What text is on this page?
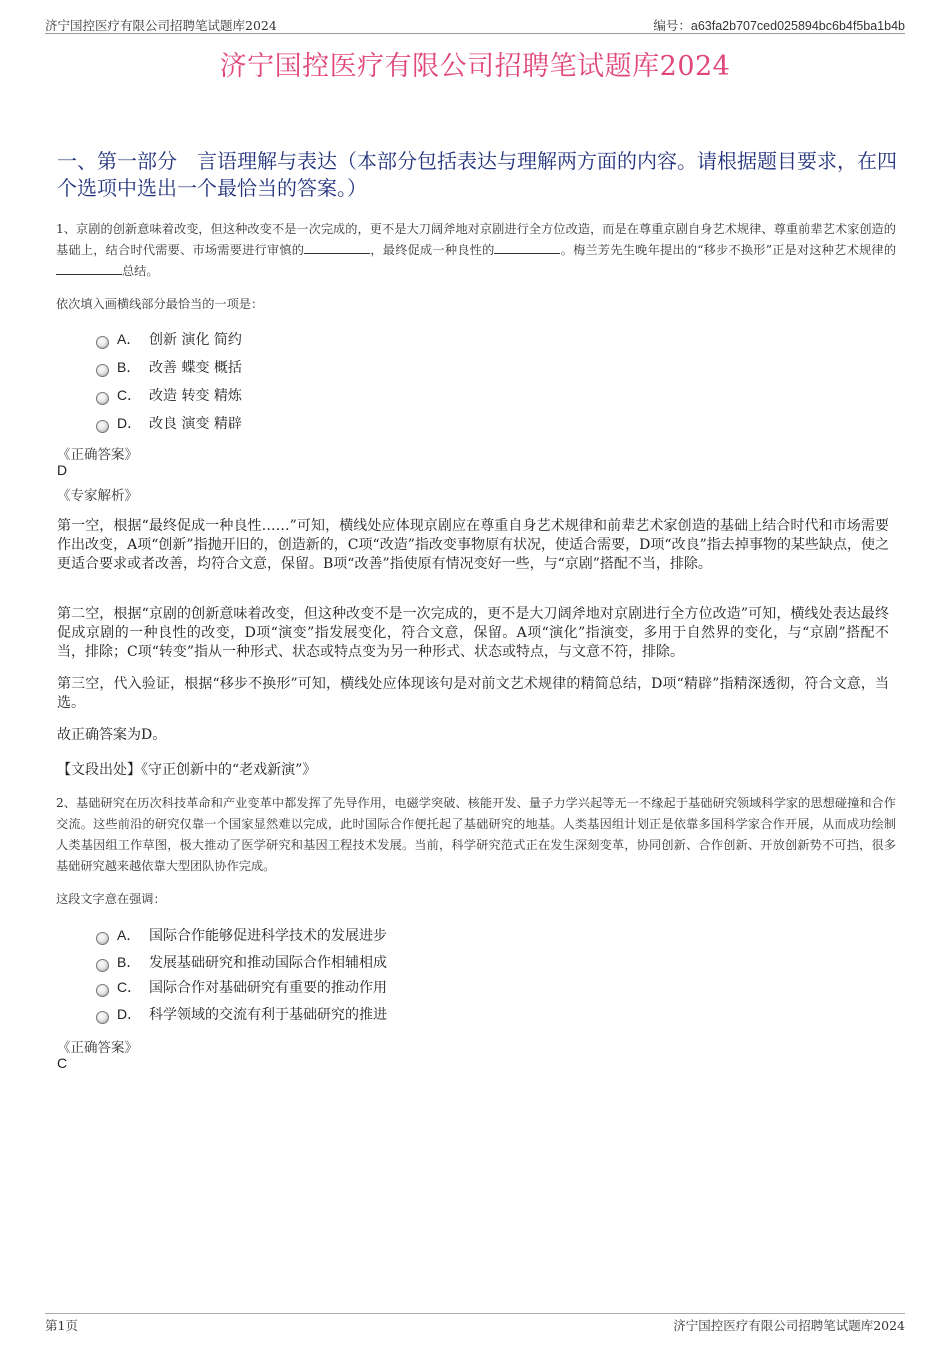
济宁国控医疗有限公司招聘笔试题库2024	编号：a63fa2b707ced025894bc6b4f5ba1b4b
济宁国控医疗有限公司招聘笔试题库2024
一、第一部分　言语理解与表达（本部分包括表达与理解两方面的内容。请根据题目要求，在四个选项中选出一个最恰当的答案。）
1、京剧的创新意味着改变，但这种改变不是一次完成的，更不是大刀阔斧地对京剧进行全方位改造，而是在尊重京剧自身艺术规律、尊重前辈艺术家创造的基础上，结合时代需要、市场需要进行审慎的	，最终促成一种良性的	。梅兰芳先生晚年提出的“移步不换形”正是对这种艺术规律的总结。
依次填入画横线部分最恰当的一项是：
A． 创新 演化 简约
B． 改善 蝶变 概括
C． 改造 转变 精炼
D． 改良 演变 精辟
《正确答案》
D
《专家解析》
第一空，根据“最终促成一种良性……”可知，横线处应体现京剧应在尊重自身艺术规律和前辈艺术家创造的基础上结合时代和市场需要作出改变，A项“创新”指抛开旧的，创造新的，C项“改造”指改变事物原有状况，使适合需要，D项“改良”指去掉事物的某些缺点，使之更适合要求或者改善，均符合文意，保留。B项“改善”指使原有情况变好一些，与“京剧”搭配不当，排除。
第二空，根据“京剧的创新意味着改变，但这种改变不是一次完成的，更不是大刀阔斧地对京剧进行全方位改造”可知，横线处表达最终促成京剧的一种良性的改变，D项“演变”指发展变化，符合文意，保留。A项“演化”指演变，多用于自然界的变化，与“京剧”搭配不当，排除；C项“转变”指从一种形式、状态或特点变为另一种形式、状态或特点，与文意不符，排除。
第三空，代入验证，根据“移步不换形”可知，横线处应体现该句是对前文艺术规律的精简总结，D项“精辟”指精深透彻，符合文意，当选。
故正确答案为D。
【文段出处】《守正创新中的“老戏新演”》
2、基础研究在历次科技革命和产业变革中都发挥了先导作用，电磁学突破、核能开发、量子力学兴起等无一不缘起于基础研究领域科学家的思想碰撞和合作交流。这些前沿的研究仅靠一个国家显然难以完成，此时国际合作便托起了基础研究的地基。人类基因组计划正是依靠多国科学家合作开展，从而成功绘制人类基因组工作草图，极大推动了医学研究和基因工程技术发展。当前，科学研究范式正在发生深刻变革，协同创新、合作创新、开放创新势不可挡，很多基础研究越来越依靠大型团队协作完成。
这段文字意在强调：
A． 国际合作能够促进科学技术的发展进步
B． 发展基础研究和推动国际合作相辅相成
C． 国际合作对基础研究有重要的推动作用
D． 科学领域的交流有利于基础研究的推进
《正确答案》
C
第1页	济宁国控医疗有限公司招聘笔试题库2024
